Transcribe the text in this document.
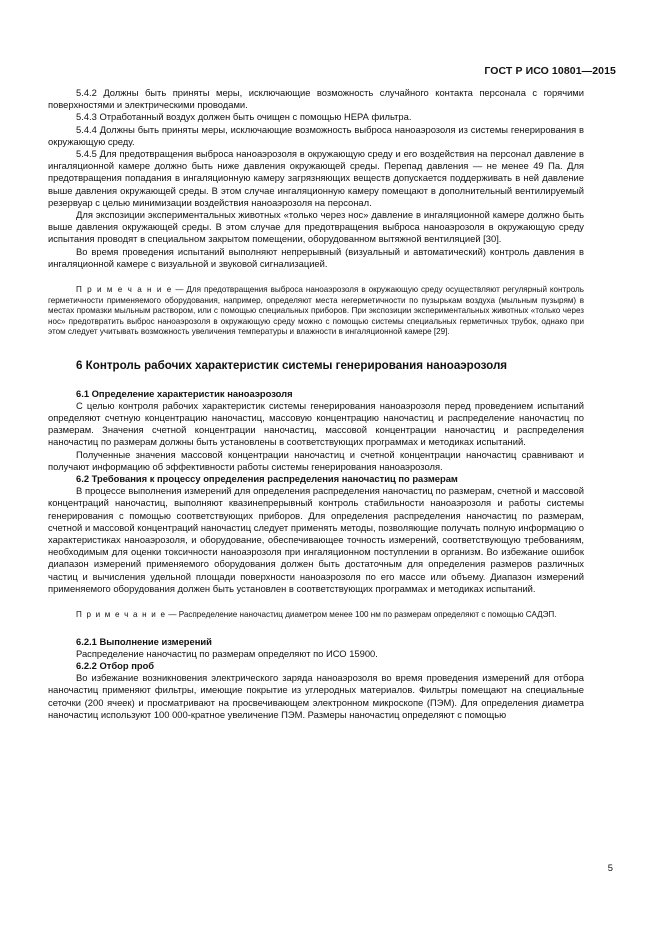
ГОСТ Р ИСО 10801—2015

5.4.2 Должны быть приняты меры, исключающие возможность случайного контакта персонала с горячими поверхностями и электрическими проводами.

5.4.3 Отработанный воздух должен быть очищен с помощью НЕРА фильтра.

5.4.4 Должны быть приняты меры, исключающие возможность выброса наноаэрозоля из системы генерирования в окружающую среду.

5.4.5 Для предотвращения выброса наноаэрозоля в окружающую среду и его воздействия на персонал давление в ингаляционной камере должно быть ниже давления окружающей среды. Перепад давления — не менее 49 Па. Для предотвращения попадания в ингаляционную камеру загрязняющих веществ допускается поддерживать в ней давление выше давления окружающей среды. В этом случае ингаляционную камеру помещают в дополнительный вентилируемый резервуар с целью минимизации воздействия наноаэрозоля на персонал.

Для экспозиции экспериментальных животных «только через нос» давление в ингаляционной камере должно быть выше давления окружающей среды. В этом случае для предотвращения выброса наноаэрозоля в окружающую среду испытания проводят в специальном закрытом помещении, оборудованном вытяжной вентиляцией [30].

Во время проведения испытаний выполняют непрерывный (визуальный и автоматический) контроль давления в ингаляционной камере с визуальной и звуковой сигнализацией.

П р и м е ч а н и е — Для предотвращения выброса наноаэрозоля в окружающую среду осуществляют регулярный контроль герметичности применяемого оборудования, например, определяют места негерметичности по пузырькам воздуха (мыльным пузырям) в местах промазки мыльным раствором, или с помощью специальных приборов. При экспозиции экспериментальных животных «только через нос» предотвратить выброс наноаэрозоля в окружающую среду можно с помощью системы специальных герметичных трубок, однако при этом следует учитывать возможность увеличения температуры и влажности в ингаляционной камере [29].

6 Контроль рабочих характеристик системы генерирования наноаэрозоля
6.1 Определение характеристик наноаэрозоля

С целью контроля рабочих характеристик системы генерирования наноаэрозоля перед проведением испытаний определяют счетную концентрацию наночастиц, массовую концентрацию наночастиц и распределение наночастиц по размерам. Значения счетной концентрации наночастиц, массовой концентрации наночастиц и распределения наночастиц по размерам должны быть установлены в соответствующих программах и методиках испытаний.

Полученные значения массовой концентрации наночастиц и счетной концентрации наночастиц сравнивают и получают информацию об эффективности работы системы генерирования наноаэрозоля.

6.2 Требования к процессу определения распределения наночастиц по размерам

В процессе выполнения измерений для определения распределения наночастиц по размерам, счетной и массовой концентраций наночастиц, выполняют квазинепрерывный контроль стабильности наноаэрозоля и работы системы генерирования с помощью соответствующих приборов. Для определения распределения наночастиц по размерам, счетной и массовой концентраций наночастиц следует применять методы, позволяющие получать полную информацию о характеристиках наноаэрозоля, и оборудование, обеспечивающее точность измерений, соответствующую требованиям, необходимым для оценки токсичности наноаэрозоля при ингаляционном поступлении в организм. Во избежание ошибок диапазон измерений применяемого оборудования должен быть достаточным для определения размеров различных частиц и вычисления удельной площади поверхности наноаэрозоля по его массе или объему. Диапазон измерений применяемого оборудования должен быть установлен в соответствующих программах и методиках испытаний.

П р и м е ч а н и е — Распределение наночастиц диаметром менее 100 нм по размерам определяют с помощью САДЭП.

6.2.1 Выполнение измерений

Распределение наночастиц по размерам определяют по ИСО 15900.

6.2.2 Отбор проб

Во избежание возникновения электрического заряда наноаэрозоля во время проведения измерений для отбора наночастиц применяют фильтры, имеющие покрытие из углеродных материалов. Фильтры помещают на специальные сеточки (200 ячеек) и просматривают на просвечивающем электронном микроскопе (ПЭМ). Для определения диаметра наночастиц используют 100 000-кратное увеличение ПЭМ. Размеры наночастиц определяют с помощью

5
